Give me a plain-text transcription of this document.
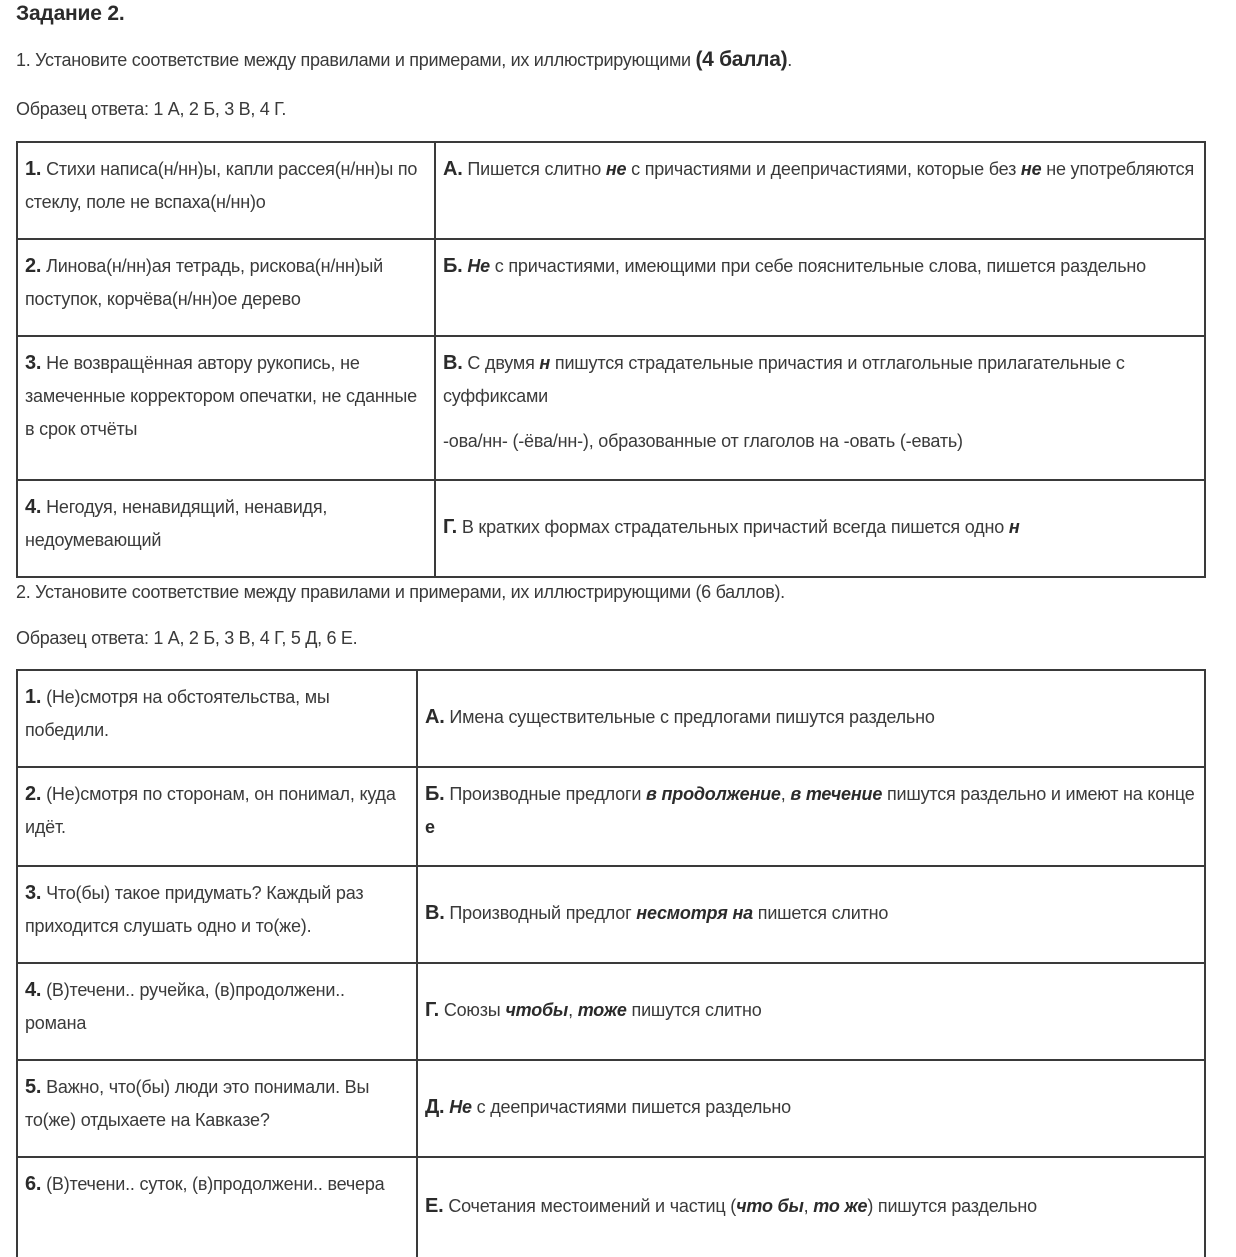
Задание 2.
1. Установите соответствие между правилами и примерами, их иллюстрирующими (4 балла).
Образец ответа: 1 А, 2 Б, 3 В, 4 Г.
1. Стихи написа(н/нн)ы, капли рассея(н/нн)ы по стеклу, поле не вспаха(н/нн)о	А. Пишется слитно не с причастиями и деепричастиями, которые без не не употребляются
2. Линова(н/нн)ая тетрадь, рискова(н/нн)ый поступок, корчёва(н/нн)ое дерево	Б. Не с причастиями, имеющими при себе пояснительные слова, пишется раздельно
3. Не возвращённая автору рукопись, не замеченные корректором опечатки, не сданные в срок отчёты	В. С двумя н пишутся страдательные причастия и отглагольные прилагательные с суффиксами
-ова/нн- (-ёва/нн-), образованные от глаголов на -овать (-евать)

4. Негодуя, ненавидящий, ненавидя, недоумевающий	Г. В кратких формах страдательных причастий всегда пишется одно н
2. Установите соответствие между правилами и примерами, их иллюстрирующими (6 баллов).
Образец ответа: 1 А, 2 Б, 3 В, 4 Г, 5 Д, 6 Е.
1. (Не)смотря на обстоятельства, мы победили.	А. Имена существительные с предлогами пишутся раздельно
2. (Не)смотря по сторонам, он понимал, куда идёт.	Б. Производные предлоги в продолжение, в течение пишутся раздельно и имеют на конце е
3. Что(бы) такое придумать? Каждый раз приходится слушать одно и то(же).	В. Производный предлог несмотря на пишется слитно
4. (В)течени.. ручейка, (в)продолжени.. романа	Г. Союзы чтобы, тоже пишутся слитно
5. Важно, что(бы) люди это понимали. Вы то(же) отдыхаете на Кавказе?	Д. Не с деепричастиями пишется раздельно
6. (В)течени.. суток, (в)продолжени.. вечера	Е. Сочетания местоимений и частиц (что бы, то же) пишутся раздельно
